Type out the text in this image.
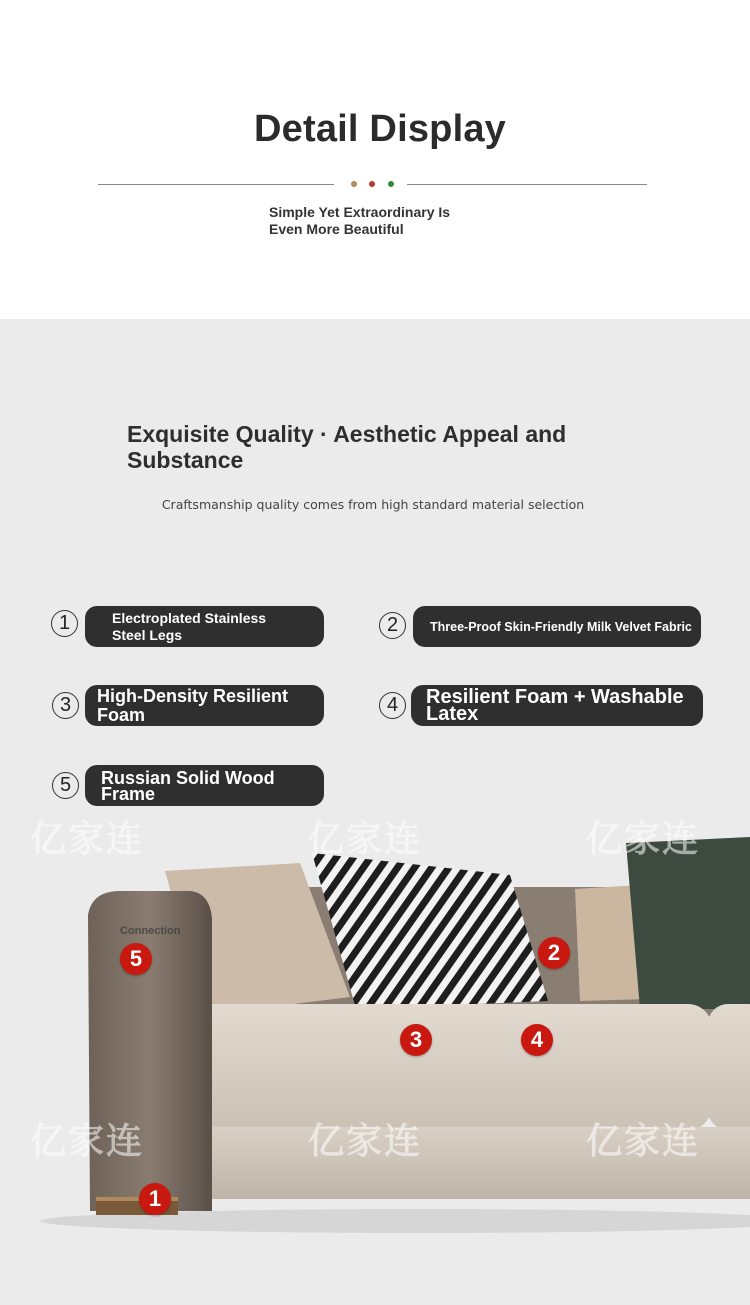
Detail Display
Simple Yet Extraordinary Is
Even More Beautiful
Exquisite Quality · Aesthetic Appeal and Substance
Craftsmanship quality comes from high standard material selection
1	Electroplated Stainless Steel Legs	2	Three-Proof Skin-Friendly Milk Velvet Fabric
3	High-Density Resilient Foam	4	Resilient Foam + Washable Latex
5	Russian Solid Wood Frame
亿家连	亿家连	亿家连
亿家连	亿家连	亿家连
Connection
5	2
3	4
1
